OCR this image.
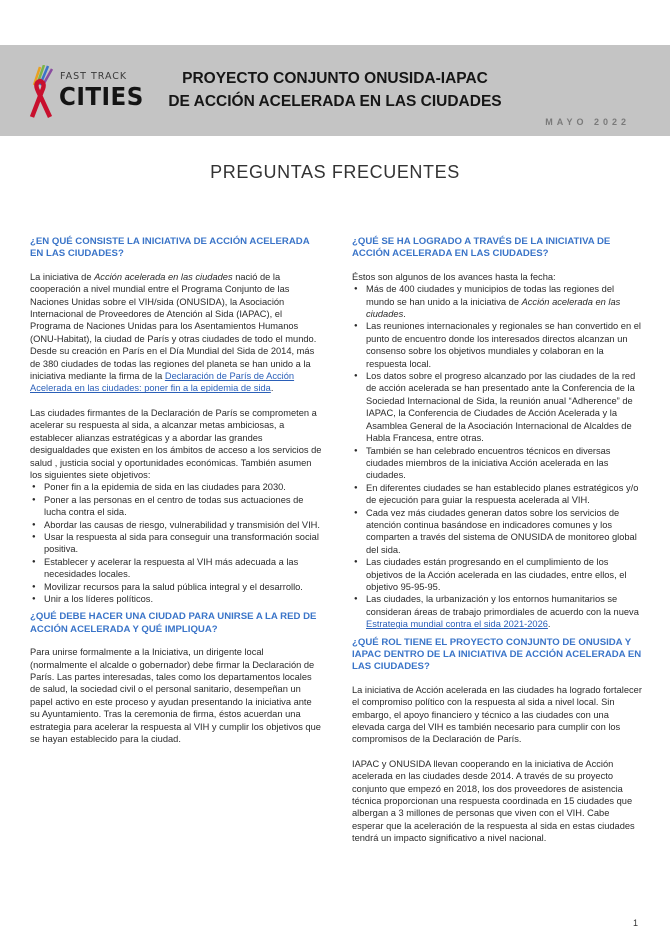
FAST TRACK
CITIES
PROYECTO CONJUNTO ONUSIDA-IAPAC
DE ACCIÓN ACELERADA EN LAS CIUDADES
MAYO 2022
PREGUNTAS FRECUENTES
¿EN QUÉ CONSISTE LA INICIATIVA DE ACCIÓN ACELERADA EN LAS CIUDADES?
La iniciativa de Acción acelerada en las ciudades nació de la cooperación a nivel mundial entre el Programa Conjunto de las Naciones Unidas sobre el VIH/sida (ONUSIDA), la Asociación Internacional de Proveedores de Atención al Sida (IAPAC), el Programa de Naciones Unidas para los Asentamientos Humanos (ONU-Habitat), la ciudad de París y otras ciudades de todo el mundo. Desde su creación en París en el Día Mundial del Sida de 2014, más de 380 ciudades de todas las regiones del planeta se han unido a la iniciativa mediante la firma de la Declaración de París de Acción Acelerada en las ciudades: poner fin a la epidemia de sida.
Las ciudades firmantes de la Declaración de París se comprometen a acelerar su respuesta al sida, a alcanzar metas ambiciosas, a establecer alianzas estratégicas y a abordar las grandes desigualdades que existen en los ámbitos de acceso a los servicios de salud , justicia social y oportunidades económicas. También asumen los siguientes siete objetivos:
● Poner fin a la epidemia de sida en las ciudades para 2030.
● Poner a las personas en el centro de todas sus actuaciones de lucha contra el sida.
● Abordar las causas de riesgo, vulnerabilidad y transmisión del VIH.
● Usar la respuesta al sida para conseguir una transformación social positiva.
● Establecer y acelerar la respuesta al VIH más adecuada a las necesidades locales.
● Movilizar recursos para la salud pública integral y el desarrollo.
● Unir a los líderes políticos.
¿QUÉ DEBE HACER UNA CIUDAD PARA UNIRSE A LA RED DE ACCIÓN ACELERADA Y QUÉ IMPLIQUA?
Para unirse formalmente a la Iniciativa, un dirigente local (normalmente el alcalde o gobernador) debe firmar la Declaración de París. Las partes interesadas, tales como los departamentos locales de salud, la sociedad civil o el personal sanitario, desempeñan un papel activo en este proceso y ayudan presentando la iniciativa ante su Ayuntamiento. Tras la ceremonia de firma, éstos acuerdan una estrategia para acelerar la respuesta al VIH y cumplir los objetivos que se hayan establecido para la ciudad.
¿QUÉ SE HA LOGRADO A TRAVÉS DE LA INICIATIVA DE ACCIÓN ACELERADA EN LAS CIUDADES?
Éstos son algunos de los avances hasta la fecha:
● Más de 400 ciudades y municipios de todas las regiones del mundo se han unido a la iniciativa de Acción acelerada en las ciudades.
● Las reuniones internacionales y regionales se han convertido en el punto de encuentro donde los interesados directos alcanzan un consenso sobre los objetivos mundiales y colaboran en la respuesta local.
● Los datos sobre el progreso alcanzado por las ciudades de la red de acción acelerada se han presentado ante la Conferencia de la Sociedad Internacional de Sida, la reunión anual “Adherence” de IAPAC, la Conferencia de Ciudades de Acción Acelerada y la Asamblea General de la Asociación Internacional de Alcaldes de Habla Francesa, entre otras.
● También se han celebrado encuentros técnicos en diversas ciudades miembros de la iniciativa Acción acelerada en las ciudades.
● En diferentes ciudades se han establecido planes estratégicos y/o de ejecución para guiar la respuesta acelerada al VIH.
● Cada vez más ciudades generan datos sobre los servicios de atención continua basándose en indicadores comunes y los comparten a través del sistema de ONUSIDA de monitoreo global del sida.
● Las ciudades están progresando en el cumplimiento de los objetivos de la Acción acelerada en las ciudades, entre ellos, el objetivo 95-95-95.
● Las ciudades, la urbanización y los entornos humanitarios se consideran áreas de trabajo primordiales de acuerdo con la nueva Estrategia mundial contra el sida 2021-2026.
¿QUÉ ROL TIENE EL PROYECTO CONJUNTO DE ONUSIDA Y IAPAC DENTRO DE LA INICIATIVA DE ACCIÓN ACELERADA EN LAS CIUDADES?
La iniciativa de Acción acelerada en las ciudades ha logrado fortalecer el compromiso político con la respuesta al sida a nivel local. Sin embargo, el apoyo financiero y técnico a las ciudades con una elevada carga del VIH es también necesario para cumplir con los compromisos de la Declaración de París.
IAPAC y ONUSIDA llevan cooperando en la iniciativa de Acción acelerada en las ciudades desde 2014. A través de su proyecto conjunto que empezó en 2018, los dos proveedores de asistencia técnica proporcionan una respuesta coordinada en 15 ciudades que albergan a 3 millones de personas que viven con el VIH. Cabe esperar que la aceleración de la respuesta al sida en estas ciudades tendrá un impacto significativo a nivel nacional.
1
